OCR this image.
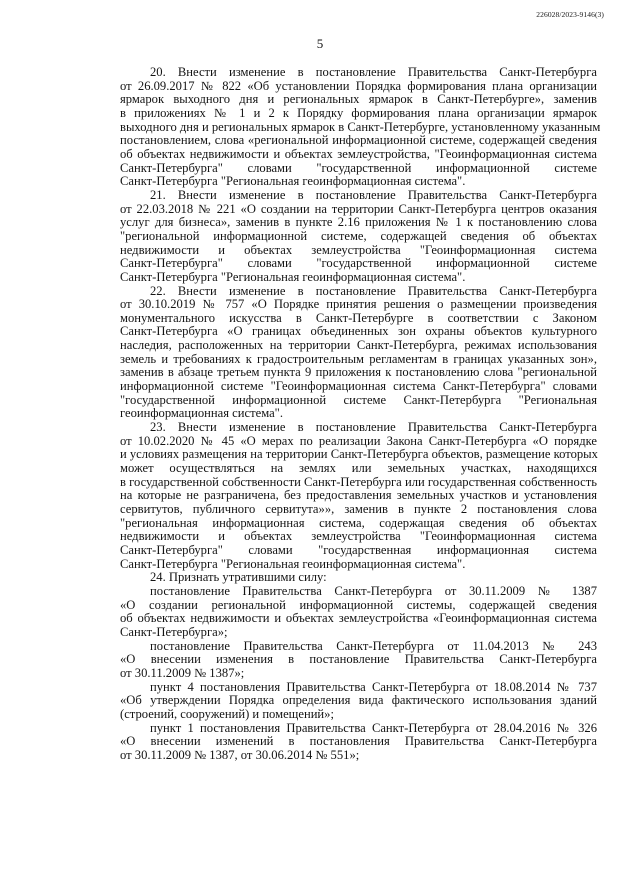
226028/2023-9146(3)
5

20. Внести изменение в постановление Правительства Санкт-Петербурга
от 26.09.2017 № 822 «Об установлении Порядка формирования плана организации
ярмарок выходного дня и региональных ярмарок в Санкт-Петербурге», заменив
в приложениях № 1 и 2 к Порядку формирования плана организации ярмарок
выходного дня и региональных ярмарок в Санкт-Петербурге, установленному указанным
постановлением, слова «региональной информационной системе, содержащей сведения
об объектах недвижимости и объектах землеустройства, "Геоинформационная система
Санкт-Петербурга" словами "государственной информационной системе
Санкт-Петербурга "Региональная геоинформационная система".

21. Внести изменение в постановление Правительства Санкт-Петербурга
от 22.03.2018 № 221 «О создании на территории Санкт-Петербурга центров оказания
услуг для бизнеса», заменив в пункте 2.16 приложения № 1 к постановлению слова
"региональной информационной системе, содержащей сведения об объектах
недвижимости и объектах землеустройства "Геоинформационная система
Санкт-Петербурга" словами "государственной информационной системе
Санкт-Петербурга "Региональная геоинформационная система".

22. Внести изменение в постановление Правительства Санкт-Петербурга
от 30.10.2019 № 757 «О Порядке принятия решения о размещении произведения
монументального искусства в Санкт-Петербурге в соответствии с Законом
Санкт-Петербурга «О границах объединенных зон охраны объектов культурного
наследия, расположенных на территории Санкт-Петербурга, режимах использования
земель и требованиях к градостроительным регламентам в границах указанных зон»,
заменив в абзаце третьем пункта 9 приложения к постановлению слова "региональной
информационной системе "Геоинформационная система Санкт-Петербурга" словами
"государственной информационной системе Санкт-Петербурга "Региональная
геоинформационная система".

23. Внести изменение в постановление Правительства Санкт-Петербурга
от 10.02.2020 № 45 «О мерах по реализации Закона Санкт-Петербурга «О порядке
и условиях размещения на территории Санкт-Петербурга объектов, размещение которых
может осуществляться на землях или земельных участках, находящихся
в государственной собственности Санкт-Петербурга или государственная собственность
на которые не разграничена, без предоставления земельных участков и установления
сервитутов, публичного сервитута»», заменив в пункте 2 постановления слова
"региональная информационная система, содержащая сведения об объектах
недвижимости и объектах землеустройства "Геоинформационная система
Санкт-Петербурга" словами "государственная информационная система
Санкт-Петербурга "Региональная геоинформационная система".

24. Признать утратившими силу:

постановление Правительства Санкт-Петербурга от 30.11.2009 № 1387
«О создании региональной информационной системы, содержащей сведения
об объектах недвижимости и объектах землеустройства «Геоинформационная система
Санкт-Петербурга»;

постановление Правительства Санкт-Петербурга от 11.04.2013 № 243
«О внесении изменения в постановление Правительства Санкт-Петербурга
от 30.11.2009 № 1387»;

пункт 4 постановления Правительства Санкт-Петербурга от 18.08.2014 № 737
«Об утверждении Порядка определения вида фактического использования зданий
(строений, сооружений) и помещений»;

пункт 1 постановления Правительства Санкт-Петербурга от 28.04.2016 № 326
«О внесении изменений в постановления Правительства Санкт-Петербурга
от 30.11.2009 № 1387, от 30.06.2014 № 551»;
